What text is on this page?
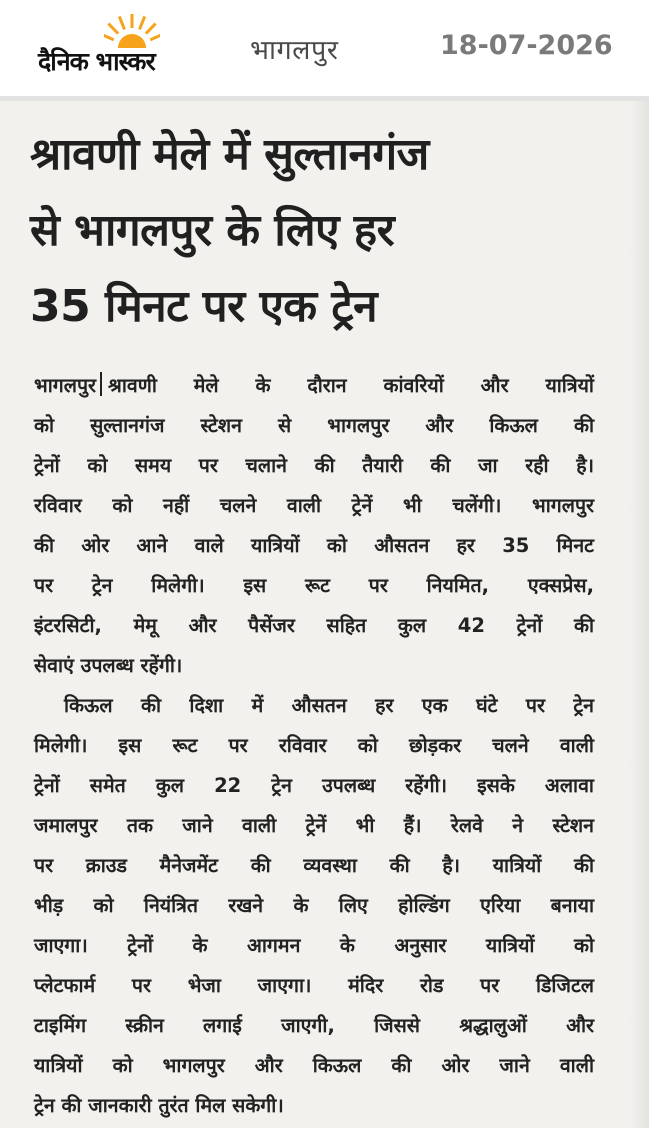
दैनिक भास्कर	भागलपुर	18-07-2026
श्रावणी मेले में सुल्तानगंज
से भागलपुर के लिए हर
35 मिनट पर एक ट्रेन
भागलपुर श्रावणी मेले के दौरान कांवरियों और यात्रियों
को सुल्तानगंज स्टेशन से भागलपुर और किऊल की
ट्रेनों को समय पर चलाने की तैयारी की जा रही है।
रविवार को नहीं चलने वाली ट्रेनें भी चलेंगी। भागलपुर
की ओर आने वाले यात्रियों को औसतन हर 35 मिनट
पर ट्रेन मिलेगी। इस रूट पर नियमित, एक्सप्रेस,
इंटरसिटी, मेमू और पैसेंजर सहित कुल 42 ट्रेनों की
सेवाएं उपलब्ध रहेंगी।
किऊल की दिशा में औसतन हर एक घंटे पर ट्रेन
मिलेगी। इस रूट पर रविवार को छोड़कर चलने वाली
ट्रेनों समेत कुल 22 ट्रेन उपलब्ध रहेंगी। इसके अलावा
जमालपुर तक जाने वाली ट्रेनें भी हैं। रेलवे ने स्टेशन
पर क्राउड मैनेजमेंट की व्यवस्था की है। यात्रियों की
भीड़ को नियंत्रित रखने के लिए होल्डिंग एरिया बनाया
जाएगा। ट्रेनों के आगमन के अनुसार यात्रियों को
प्लेटफार्म पर भेजा जाएगा। मंदिर रोड पर डिजिटल
टाइमिंग स्क्रीन लगाई जाएगी, जिससे श्रद्धालुओं और
यात्रियों को भागलपुर और किऊल की ओर जाने वाली
ट्रेन की जानकारी तुरंत मिल सकेगी।
